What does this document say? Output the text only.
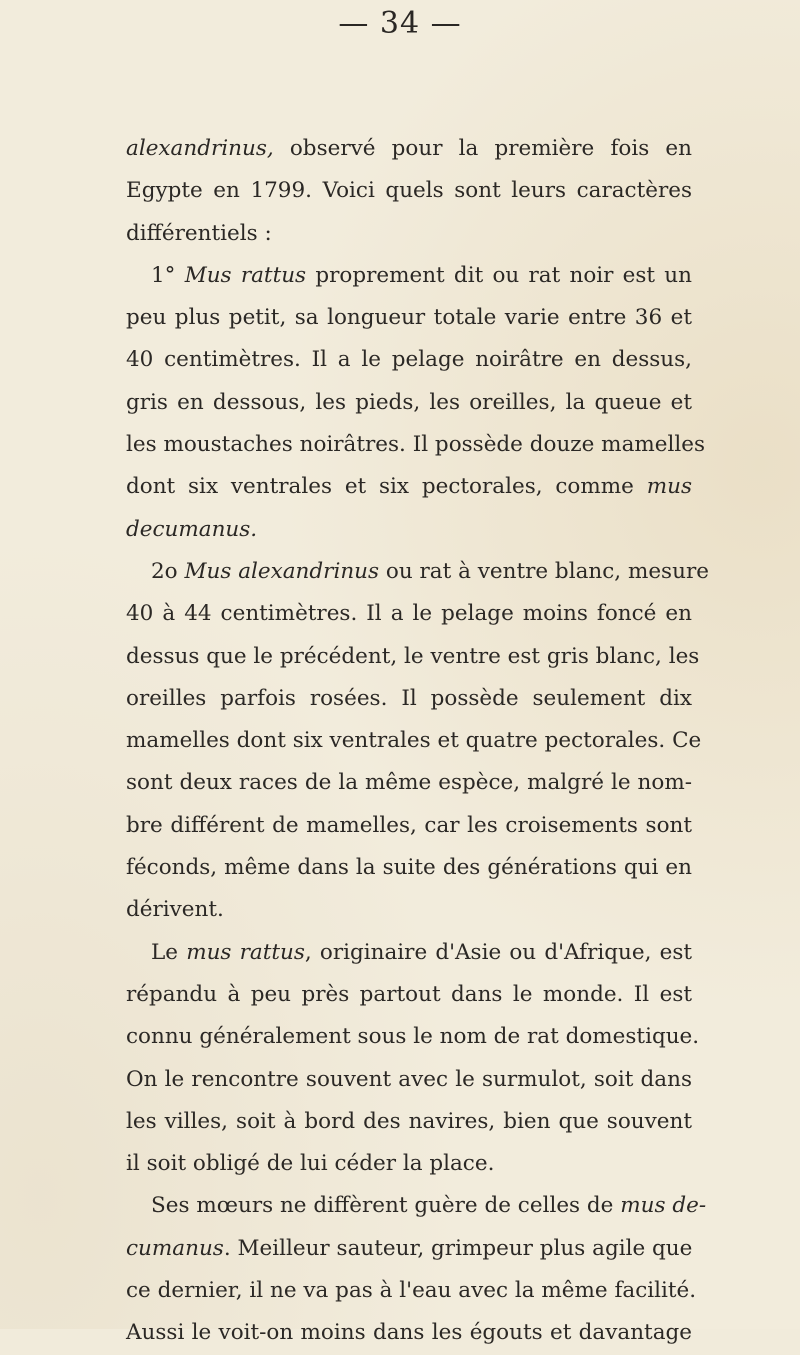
— 34 —
alexandrinus, observé pour la première fois en
Egypte en 1799. Voici quels sont leurs caractères
différentiels :
1° Mus rattus proprement dit ou rat noir est un
peu plus petit, sa longueur totale varie entre 36 et
40 centimètres. Il a le pelage noirâtre en dessus,
gris en dessous, les pieds, les oreilles, la queue et
les moustaches noirâtres. Il possède douze mamelles
dont six ventrales et six pectorales, comme mus
decumanus.
2o Mus alexandrinus ou rat à ventre blanc, mesure
40 à 44 centimètres. Il a le pelage moins foncé en
dessus que le précédent, le ventre est gris blanc, les
oreilles parfois rosées. Il possède seulement dix
mamelles dont six ventrales et quatre pectorales. Ce
sont deux races de la même espèce, malgré le nom-
bre différent de mamelles, car les croisements sont
féconds, même dans la suite des générations qui en
dérivent.
Le mus rattus, originaire d'Asie ou d'Afrique, est
répandu à peu près partout dans le monde. Il est
connu généralement sous le nom de rat domestique.
On le rencontre souvent avec le surmulot, soit dans
les villes, soit à bord des navires, bien que souvent
il soit obligé de lui céder la place.
Ses mœurs ne diffèrent guère de celles de mus de-
cumanus. Meilleur sauteur, grimpeur plus agile que
ce dernier, il ne va pas à l'eau avec la même facilité.
Aussi le voit-on moins dans les égouts et davantage
